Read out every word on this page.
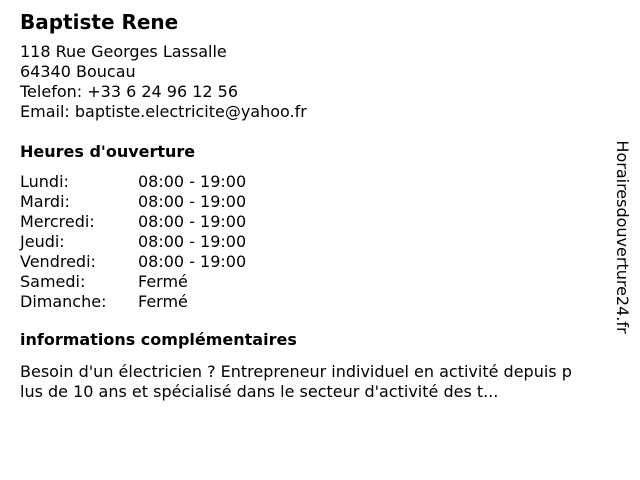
Baptiste Rene
118 Rue Georges Lassalle
64340 Boucau
Telefon: +33 6 24 96 12 56
Email: baptiste.electricite@yahoo.fr
Heures d'ouverture
Lundi:	08:00 - 19:00
Mardi:	08:00 - 19:00
Mercredi:	08:00 - 19:00
Jeudi:	08:00 - 19:00
Vendredi:	08:00 - 19:00
Samedi:	Fermé
Dimanche:	Fermé
informations complémentaires
Besoin d'un électricien ? Entrepreneur individuel en activité depuis plus de 10 ans et spécialisé dans le secteur d'activité des t...
Horairesdouverture24.fr
